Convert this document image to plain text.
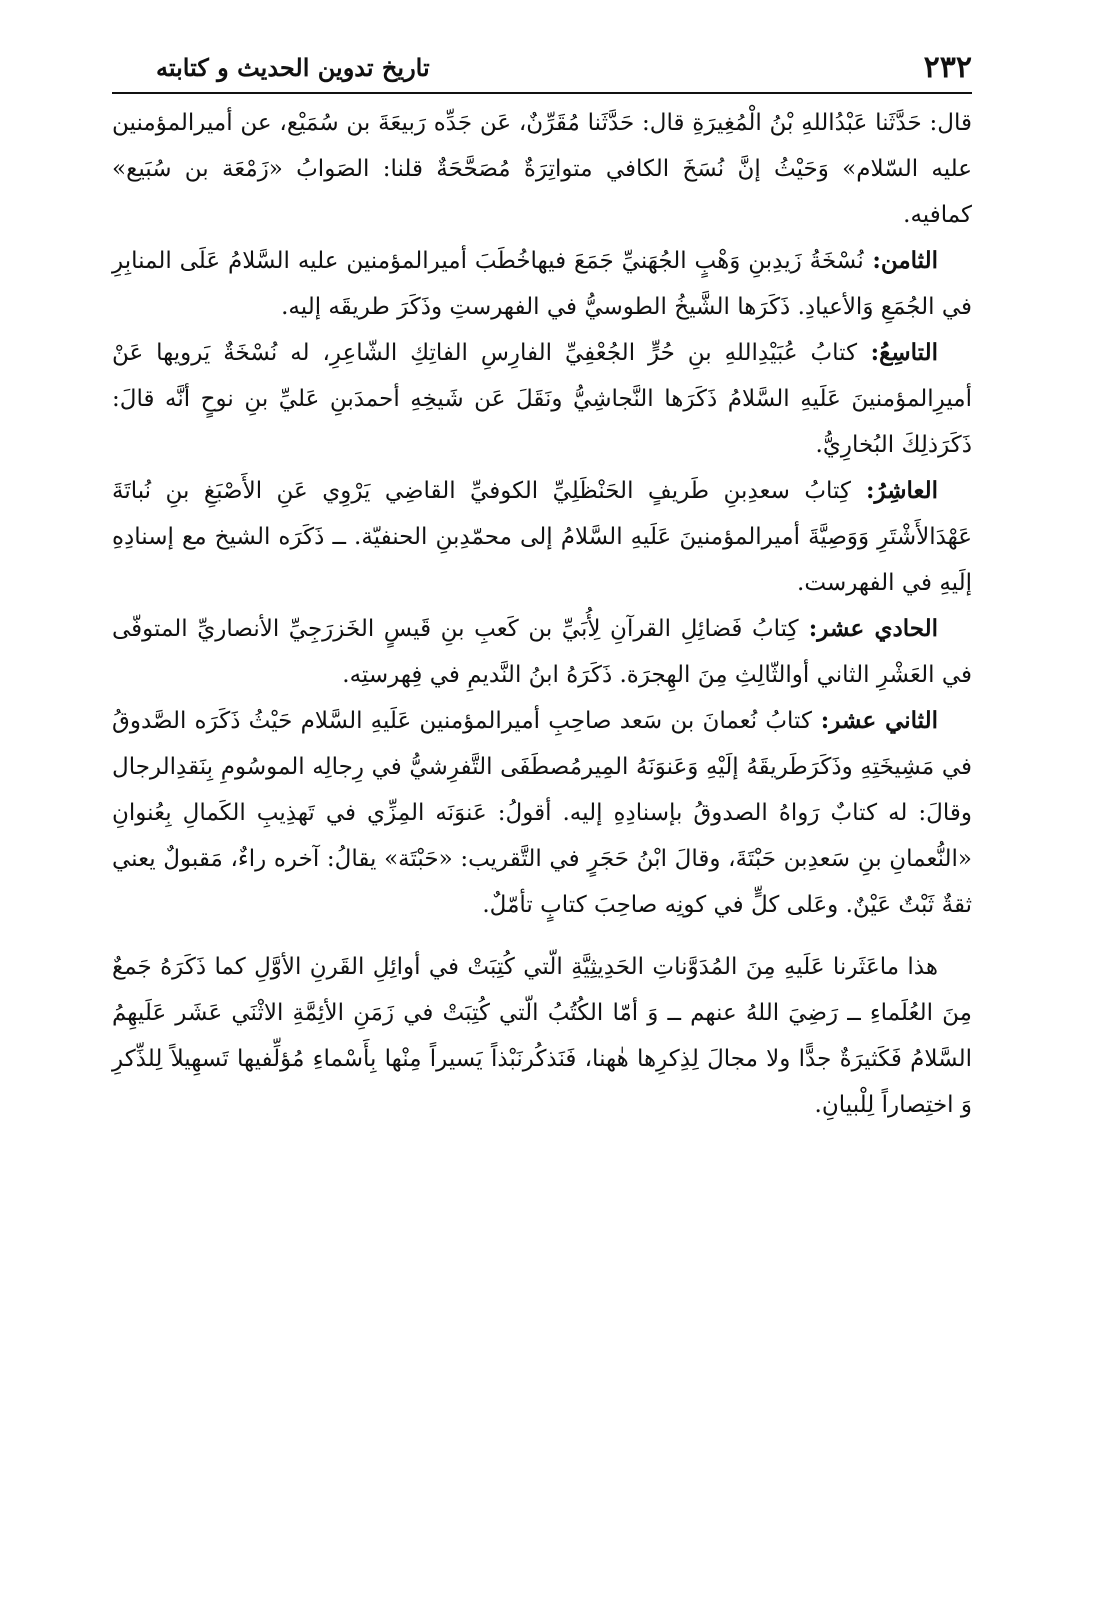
٢٣٢
تاريخ تدوين الحديث و كتابته

قال: حَدَّثَنا عَبْدُاللهِ بْنُ الْمُغِيرَةِ قال: حَدَّثَنا مُقَرِّنٌ، عَن جَدِّه رَبيعَةَ بن سُمَيْع، عن أميرالمؤمنين عليه السّلام» وَحَيْثُ إنَّ نُسَخَ الكافي متواتِرَةٌ مُصَحَّحَةٌ قلنا: الصَوابُ «زَمْعَة بن سُبَيع» كمافيه.

الثامن: نُسْخَةُ زَيدِبنِ وَهْبٍ الجُهَنيِّ جَمَعَ فيهاخُطَبَ أميرالمؤمنين عليه السَّلامُ عَلَى المنابِرِ في الجُمَعِ وَالأعيادِ. ذَكَرَها الشَّيخُ الطوسيُّ في الفهرستِ وذَكَرَ طريقَه إليه.

التاسِعُ: كتابُ عُبَيْدِاللهِ بنِ حُرٍّ الجُعْفِيِّ الفارِسِ الفاتِكِ الشّاعِرِ، له نُسْخَةٌ يَرويها عَنْ أميرِالمؤمنينَ عَلَيهِ السَّلامُ ذَكَرَها النَّجاشِيُّ ونَقَلَ عَن شَيخِهِ أحمدَبنِ عَليِّ بنِ نوحٍ أنَّه قالَ: ذَكَرَذلِكَ البُخارِيُّ.

العاشِرُ: كِتابُ سعدِبنِ طَريفٍ الحَنْظَلِيِّ الكوفيِّ القاضِي يَرْوِي عَنِ الأَصْبَغِ بنِ نُباتَةَ عَهْدَالأَشْتَرِ وَوَصِيَّةَ أميرالمؤمنينَ عَلَيهِ السَّلامُ إلى محمّدِبنِ الحنفيّة. ــ ذَكَرَه الشيخ مع إسنادِهِ إلَيهِ في الفهرست.

الحادي عشر: كِتابُ فَضائِلِ القرآنِ لِأُبَيِّ بن كَعبِ بنِ قَيسٍ الخَزرَجِيِّ الأنصاريِّ المتوفّى في العَشْرِ الثاني أوالثّالِثِ مِنَ الهِجرَة. ذَكَرَهُ ابنُ النَّديمِ في فِهرستِه.

الثاني عشر: كتابُ نُعمانَ بن سَعد صاحِبِ أميرالمؤمنين عَلَيهِ السَّلام حَيْثُ ذَكَرَه الصَّدوقُ في مَشِيخَتِهِ وذَكَرَطَريقَهُ إلَيْهِ وَعَنوَنَهُ المِيرمُصطَفَى التَّفرِشيُّ في رِجالِه الموسُومِ بِنَقدِالرجال وقالَ: له كتابٌ رَواهُ الصدوقُ بإسنادِهِ إليه. أقولُ: عَنوَنَه المِزِّي في تَهذِيبِ الكَمالِ بِعُنوانِ «النُّعمانِ بنِ سَعدِبن حَبْتَةَ، وقالَ ابْنُ حَجَرٍ في التَّقريب: «حَبْتَة» يقالُ: آخره راءٌ، مَقبولٌ يعني ثقةٌ ثَبْتٌ عَيْنٌ. وعَلى كلٍّ في كونِه صاحِبَ كتابٍ تأمّلٌ.

هذا ماعَثَرنا عَلَيهِ مِنَ المُدَوَّناتِ الحَدِيثِيَّةِ الّتي كُتِبَتْ في أوائِلِ القَرنِ الأوَّلِ كما ذَكَرَهُ جَمعٌ مِنَ العُلَماءِ ــ رَضِيَ اللهُ عنهم ــ وَ أمّا الكُتُبُ الّتي كُتِبَتْ في زَمَنِ الأئِمَّةِ الاثْنَي عَشَر عَلَيهِمُ السَّلامُ فَكَثيرَةٌ جدًّا ولا مجالَ لِذِكرِها هٰهنا، فَنَذكُرنَبْذاً يَسيراً مِنْها بِأَسْماءِ مُؤلِّفيها تَسهِيلاً لِلذِّكرِ وَ اختِصاراً لِلْبيانِ.
